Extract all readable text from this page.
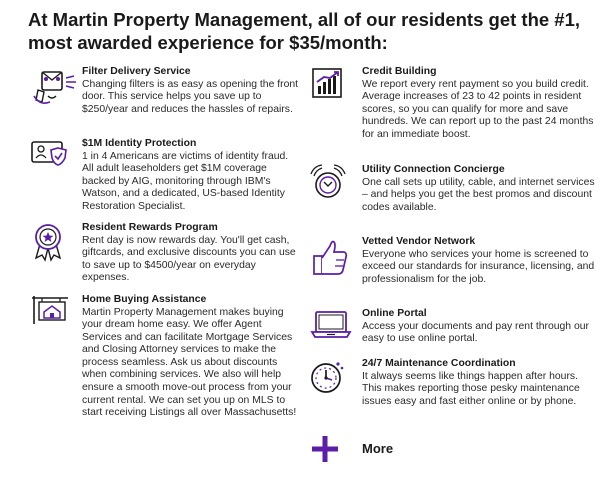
At Martin Property Management, all of our residents get the #1, most awarded experience for $35/month:
Filter Delivery Service
Changing filters is as easy as opening the front door. This service helps you save up to $250/year and reduces the hassles of repairs.
$1M Identity Protection
1 in 4 Americans are victims of identity fraud. All adult leaseholders get $1M coverage backed by AIG, monitoring through IBM's Watson, and a dedicated, US-based Identity Restoration Specialist.
Resident Rewards Program
Rent day is now rewards day. You'll get cash, giftcards, and exclusive discounts you can use to save up to $4500/year on everyday expenses.
Home Buying Assistance
Martin Property Management makes buying your dream home easy. We offer Agent Services and can facilitate Mortgage Services and Closing Attorney services to make the process seamless. Ask us about discounts when combining services. We also will help ensure a smooth move-out process from your current rental. We can set you up on MLS to start receiving Listings all over Massachusetts!
Credit Building
We report every rent payment so you build credit. Average increases of 23 to 42 points in resident scores, so you can qualify for more and save hundreds. We can report up to the past 24 months for an immediate boost.
Utility Connection Concierge
One call sets up utility, cable, and internet services – and helps you get the best promos and discount codes available.
Vetted Vendor Network
Everyone who services your home is screened to exceed our standards for insurance, licensing, and professionalism for the job.
Online Portal
Access your documents and pay rent through our easy to use online portal.
24/7 Maintenance Coordination
It always seems like things happen after hours. This makes reporting those pesky maintenance issues easy and fast either online or by phone.
More
